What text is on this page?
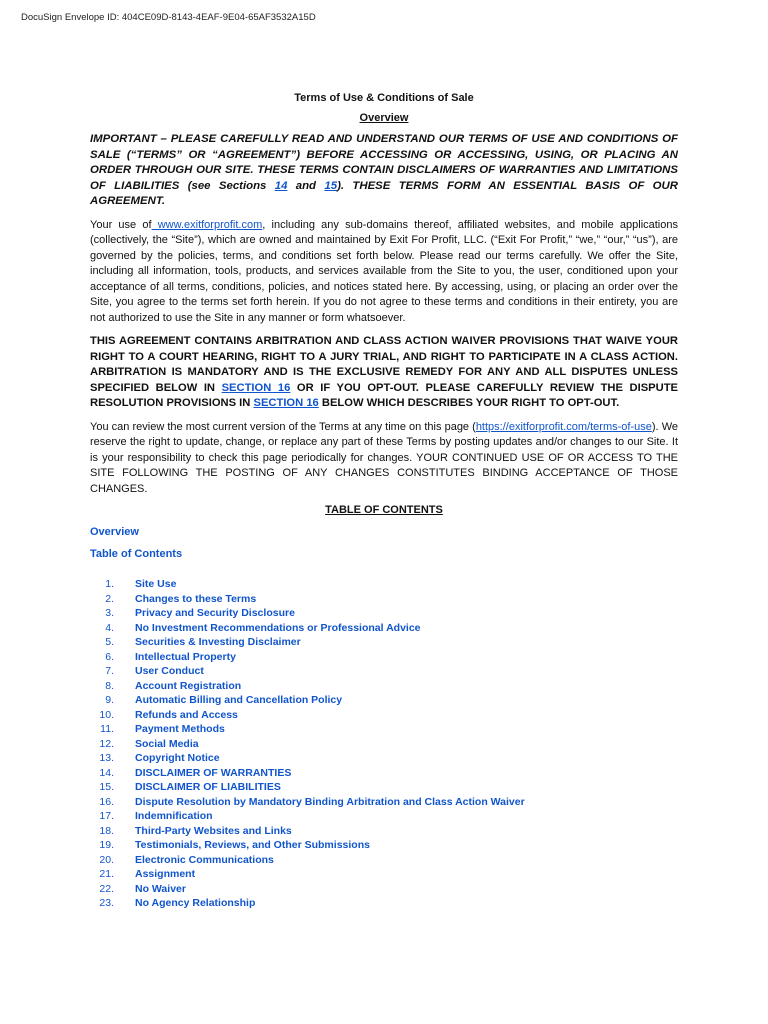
DocuSign Envelope ID: 404CE09D-8143-4EAF-9E04-65AF3532A15D
Terms of Use & Conditions of Sale
Overview

IMPORTANT – PLEASE CAREFULLY READ AND UNDERSTAND OUR TERMS OF USE AND CONDITIONS OF SALE (“TERMS” OR “AGREEMENT”) BEFORE ACCESSING OR ACCESSING, USING, OR PLACING AN ORDER THROUGH OUR SITE. THESE TERMS CONTAIN DISCLAIMERS OF WARRANTIES AND LIMITATIONS OF LIABILITIES (see Sections 14 and 15). THESE TERMS FORM AN ESSENTIAL BASIS OF OUR AGREEMENT.

Your use of www.exitforprofit.com, including any sub-domains thereof, affiliated websites, and mobile applications (collectively, the “Site”), which are owned and maintained by Exit For Profit, LLC. (“Exit For Profit,” “we,” “our,” “us”), are governed by the policies, terms, and conditions set forth below. Please read our terms carefully. We offer the Site, including all information, tools, products, and services available from the Site to you, the user, conditioned upon your acceptance of all terms, conditions, policies, and notices stated here. By accessing, using, or placing an order over the Site, you agree to the terms set forth herein. If you do not agree to these terms and conditions in their entirety, you are not authorized to use the Site in any manner or form whatsoever.

THIS AGREEMENT CONTAINS ARBITRATION AND CLASS ACTION WAIVER PROVISIONS THAT WAIVE YOUR RIGHT TO A COURT HEARING, RIGHT TO A JURY TRIAL, AND RIGHT TO PARTICIPATE IN A CLASS ACTION. ARBITRATION IS MANDATORY AND IS THE EXCLUSIVE REMEDY FOR ANY AND ALL DISPUTES UNLESS SPECIFIED BELOW IN SECTION 16 OR IF YOU OPT-OUT. PLEASE CAREFULLY REVIEW THE DISPUTE RESOLUTION PROVISIONS IN SECTION 16 BELOW WHICH DESCRIBES YOUR RIGHT TO OPT-OUT.

You can review the most current version of the Terms at any time on this page (https://exitforprofit.com/terms-of-use). We reserve the right to update, change, or replace any part of these Terms by posting updates and/or changes to our Site. It is your responsibility to check this page periodically for changes. YOUR CONTINUED USE OF OR ACCESS TO THE SITE FOLLOWING THE POSTING OF ANY CHANGES CONSTITUTES BINDING ACCEPTANCE OF THOSE CHANGES.

TABLE OF CONTENTS
Overview
Table of Contents
1. Site Use
2. Changes to these Terms
3. Privacy and Security Disclosure
4. No Investment Recommendations or Professional Advice
5. Securities & Investing Disclaimer
6. Intellectual Property
7. User Conduct
8. Account Registration
9. Automatic Billing and Cancellation Policy
10. Refunds and Access
11. Payment Methods
12. Social Media
13. Copyright Notice
14. DISCLAIMER OF WARRANTIES
15. DISCLAIMER OF LIABILITIES
16. Dispute Resolution by Mandatory Binding Arbitration and Class Action Waiver
17. Indemnification
18. Third-Party Websites and Links
19. Testimonials, Reviews, and Other Submissions
20. Electronic Communications
21. Assignment
22. No Waiver
23. No Agency Relationship
